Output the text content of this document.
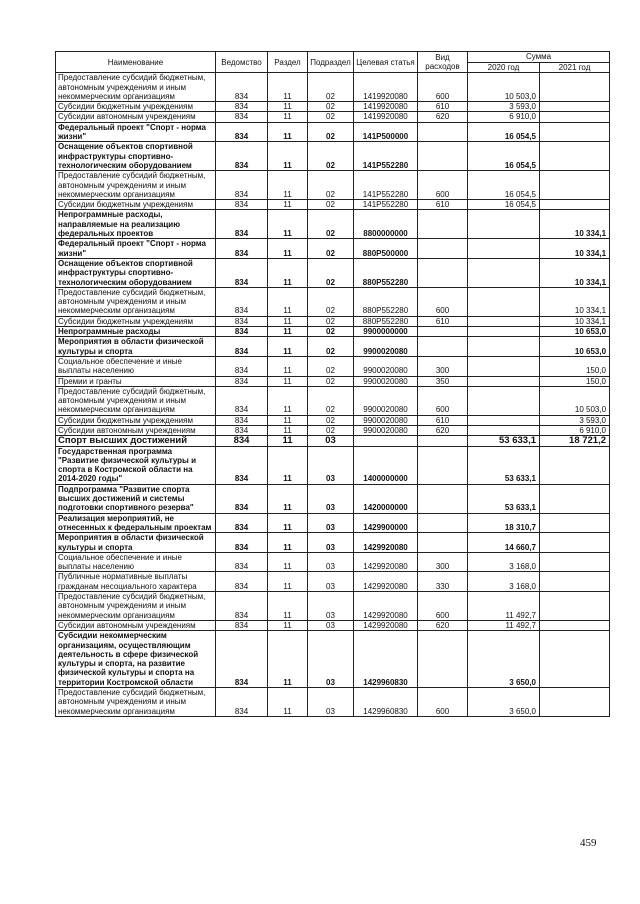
Наименование	Ведомство	Раздел	Подраздел	Целевая статья	Вид расходов	Сумма	
						2020 год	2021 год
Предоставление субсидий бюджетным, автономным учреждениям и иным некоммерческим организациям	834	11	02	1419920080	600	10 503,0	
Субсидии бюджетным учреждениям	834	11	02	1419920080	610	3 593,0	
Субсидии автономным учреждениям	834	11	02	1419920080	620	6 910,0	
Федеральный проект "Спорт - норма жизни"	834	11	02	141P500000		16 054,5	
Оснащение объектов спортивной инфраструктуры спортивно-технологическим оборудованием	834	11	02	141P552280		16 054,5	
Предоставление субсидий бюджетным, автономным учреждениям и иным некоммерческим организациям	834	11	02	141P552280	600	16 054,5	
Субсидии бюджетным учреждениям	834	11	02	141P552280	610	16 054,5	
Непрограммные расходы, направляемые на реализацию федеральных проектов	834	11	02	8800000000			10 334,1
Федеральный проект "Спорт - норма жизни"	834	11	02	880P500000			10 334,1
Оснащение объектов спортивной инфраструктуры спортивно-технологическим оборудованием	834	11	02	880P552280			10 334,1
Предоставление субсидий бюджетным, автономным учреждениям и иным некоммерческим организациям	834	11	02	880P552280	600		10 334,1
Субсидии бюджетным учреждениям	834	11	02	880P552280	610		10 334,1
Непрограммные расходы	834	11	02	9900000000			10 653,0
Мероприятия в области физической культуры и спорта	834	11	02	9900020080			10 653,0
Социальное обеспечение и иные выплаты населению	834	11	02	9900020080	300		150,0
Премии и гранты	834	11	02	9900020080	350		150,0
Предоставление субсидий бюджетным, автономным учреждениям и иным некоммерческим организациям	834	11	02	9900020080	600		10 503,0
Субсидии бюджетным учреждениям	834	11	02	9900020080	610		3 593,0
Субсидии автономным учреждениям	834	11	02	9900020080	620		6 910,0
Спорт высших достижений	834	11	03			53 633,1	18 721,2
Государственная программа "Развитие физической культуры и спорта в Костромской области на 2014-2020 годы"	834	11	03	1400000000		53 633,1	
Подпрограмма "Развитие спорта высших достижений и системы подготовки спортивного резерва"	834	11	03	1420000000		53 633,1	
Реализация мероприятий, не отнесенных к федеральным проектам	834	11	03	1429900000		18 310,7	
Мероприятия в области физической культуры и спорта	834	11	03	1429920080		14 660,7	
Социальное обеспечение и иные выплаты населению	834	11	03	1429920080	300	3 168,0	
Публичные нормативные выплаты гражданам несоциального характера	834	11	03	1429920080	330	3 168,0	
Предоставление субсидий бюджетным, автономным учреждениям и иным некоммерческим организациям	834	11	03	1429920080	600	11 492,7	
Субсидии автономным учреждениям	834	11	03	1429920080	620	11 492,7	
Субсидии некоммерческим организациям, осуществляющим деятельность в сфере физической культуры и спорта, на развитие физической культуры и спорта на территории Костромской области	834	11	03	1429960830		3 650,0	
Предоставление субсидий бюджетным, автономным учреждениям и иным некоммерческим организациям	834	11	03	1429960830	600	3 650,0	
459
